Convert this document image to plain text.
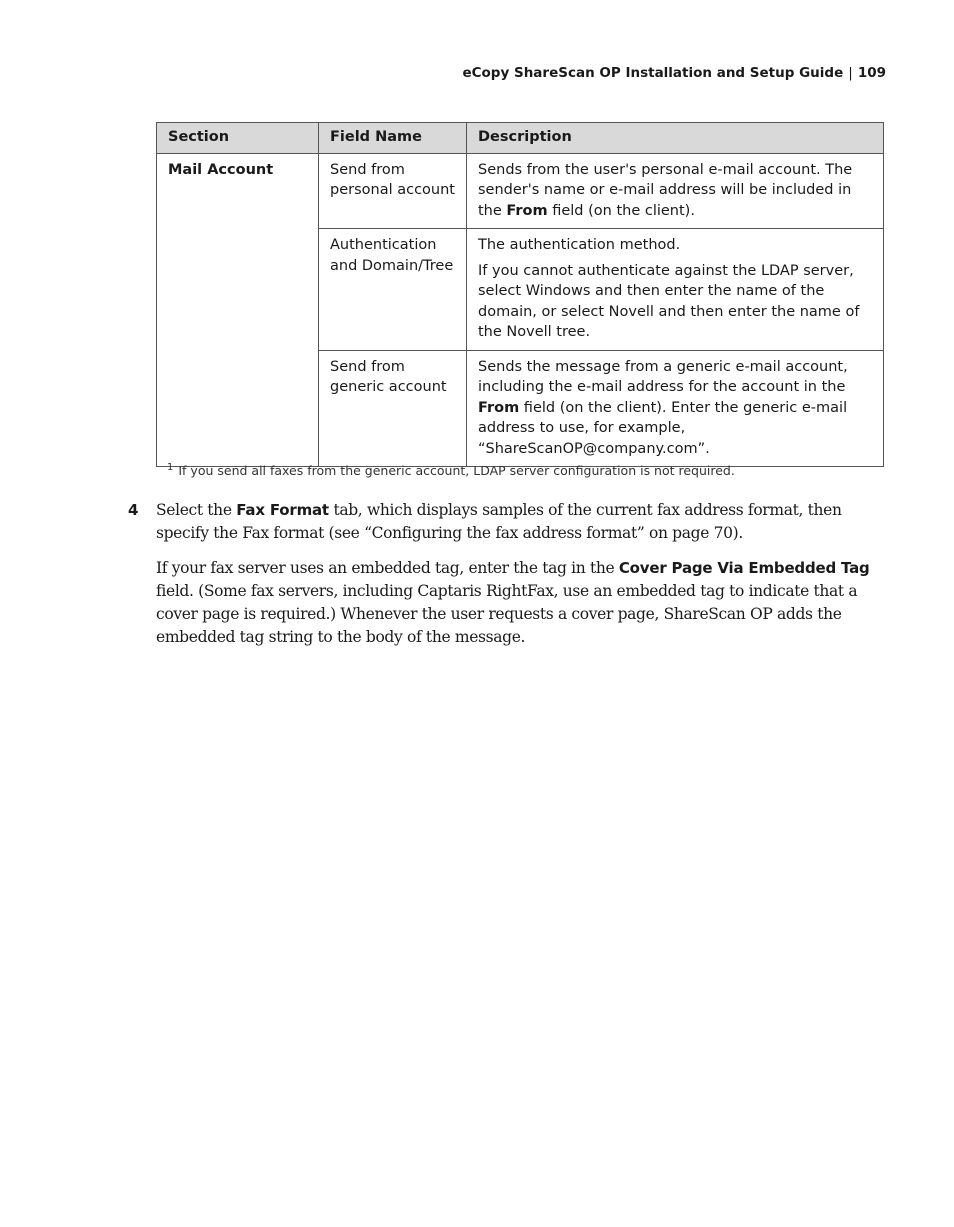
eCopy ShareScan OP Installation and Setup Guide | 109
Section	Field Name	Description
Mail Account	Send from personal account	Sends from the user's personal e-mail account. The sender's name or e-mail address will be included in the From field (on the client).

	Authentication and Domain/Tree	The authentication method.

If you cannot authenticate against the LDAP server, select Windows and then enter the name of the domain, or select Novell and then enter the name of the Novell tree.

	Send from generic account	Sends the message from a generic e-mail account, including the e-mail address for the account in the From field (on the client). Enter the generic e-mail address to use, for example, “ShareScanOP@company.com”.

$^1$ If you send all faxes from the generic account, LDAP server configuration is not required.
4 Select the Fax Format tab, which displays samples of the current fax address format, then specify the Fax format (see “Configuring the fax address format” on page 70).

If your fax server uses an embedded tag, enter the tag in the Cover Page Via Embedded Tag field. (Some fax servers, including Captaris RightFax, use an embedded tag to indicate that a cover page is required.) Whenever the user requests a cover page, ShareScan OP adds the embedded tag string to the body of the message.
